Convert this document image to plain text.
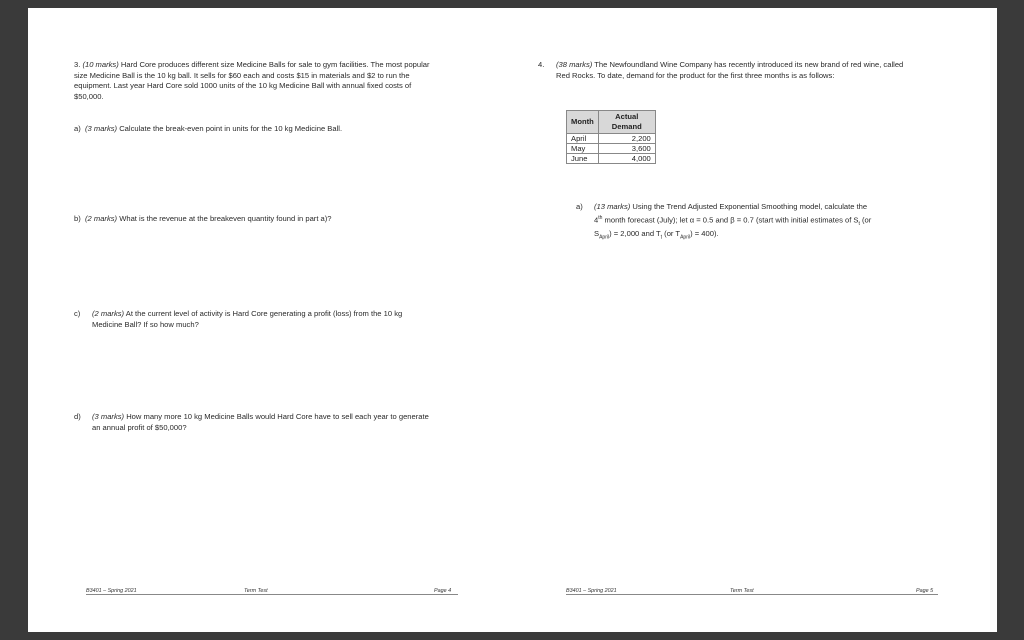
3. (10 marks) Hard Core produces different size Medicine Balls for sale to gym facilities. The most popular size Medicine Ball is the 10 kg ball. It sells for $60 each and costs $15 in materials and $2 to run the equipment. Last year Hard Core sold 1000 units of the 10 kg Medicine Ball with annual fixed costs of $50,000.

a) (3 marks) Calculate the break-even point in units for the 10 kg Medicine Ball.
b) (2 marks) What is the revenue at the breakeven quantity found in part a)?
c)	(2 marks) At the current level of activity is Hard Core generating a profit (loss) from the 10 kg Medicine Ball? If so how much?
d)	(3 marks) How many more 10 kg Medicine Balls would Hard Core have to sell each year to generate an annual profit of $50,000?
4.	(38 marks) The Newfoundland Wine Company has recently introduced its new brand of red wine, called Red Rocks. To date, demand for the product for the first three months is as follows:
Month	Actual Demand
April	2,200
May	3,600
June	4,000
a)	(13 marks) Using the Trend Adjusted Exponential Smoothing model, calculate the
4th month forecast (July); let α = 0.5 and β = 0.7 (start with initial estimates of $S_t$ (or
$S_{April}) = 2,000$ and $T_t$ (or $T_{April}) = 400$).
B3401 – Spring 2021	Term Test	Page 4	B3401 – Spring 2021	Term Test	Page 5
